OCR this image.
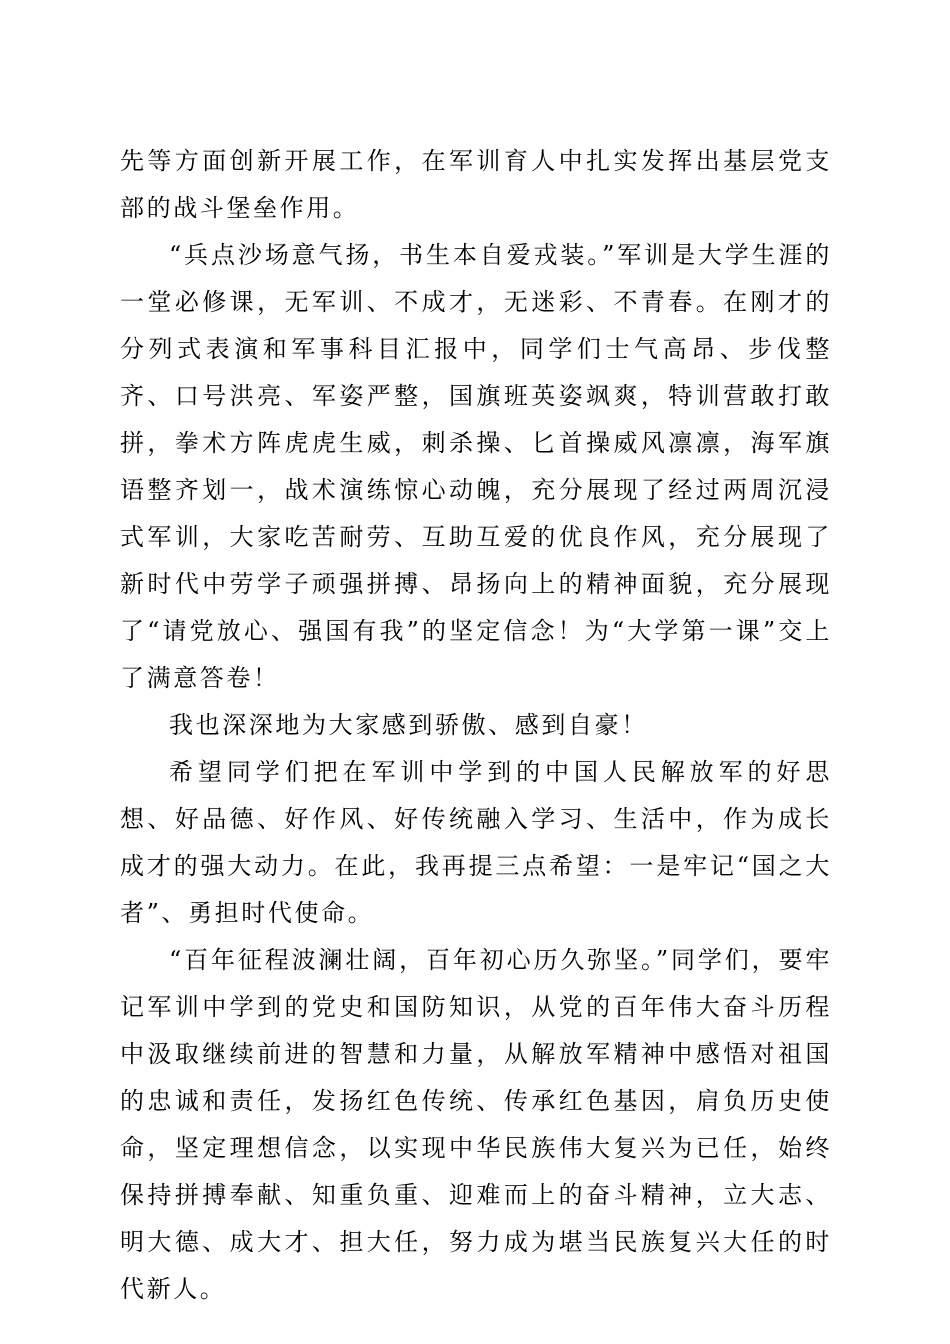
先等方面创新开展工作，在军训育人中扎实发挥出基层党支部的战斗堡垒作用。

“兵点沙场意气扬，书生本自爱戎装。”军训是大学生涯的一堂必修课，无军训、不成才，无迷彩、不青春。在刚才的分列式表演和军事科目汇报中，同学们士气高昂、步伐整齐、口号洪亮、军姿严整，国旗班英姿飒爽，特训营敢打敢拼，拳术方阵虎虎生威，刺杀操、匕首操威风凛凛，海军旗语整齐划一，战术演练惊心动魄，充分展现了经过两周沉浸式军训，大家吃苦耐劳、互助互爱的优良作风，充分展现了新时代中劳学子顽强拼搏、昂扬向上的精神面貌，充分展现了“请党放心、强国有我”的坚定信念！为“大学第一课”交上了满意答卷！

我也深深地为大家感到骄傲、感到自豪！

希望同学们把在军训中学到的中国人民解放军的好思想、好品德、好作风、好传统融入学习、生活中，作为成长成才的强大动力。在此，我再提三点希望：一是牢记“国之大者”、勇担时代使命。

“百年征程波澜壮阔，百年初心历久弥坚。”同学们，要牢记军训中学到的党史和国防知识，从党的百年伟大奋斗历程中汲取继续前进的智慧和力量，从解放军精神中感悟对祖国的忠诚和责任，发扬红色传统、传承红色基因，肩负历史使命，坚定理想信念，以实现中华民族伟大复兴为已任，始终保持拼搏奉献、知重负重、迎难而上的奋斗精神，立大志、明大德、成大才、担大任，努力成为堪当民族复兴大任的时代新人。
